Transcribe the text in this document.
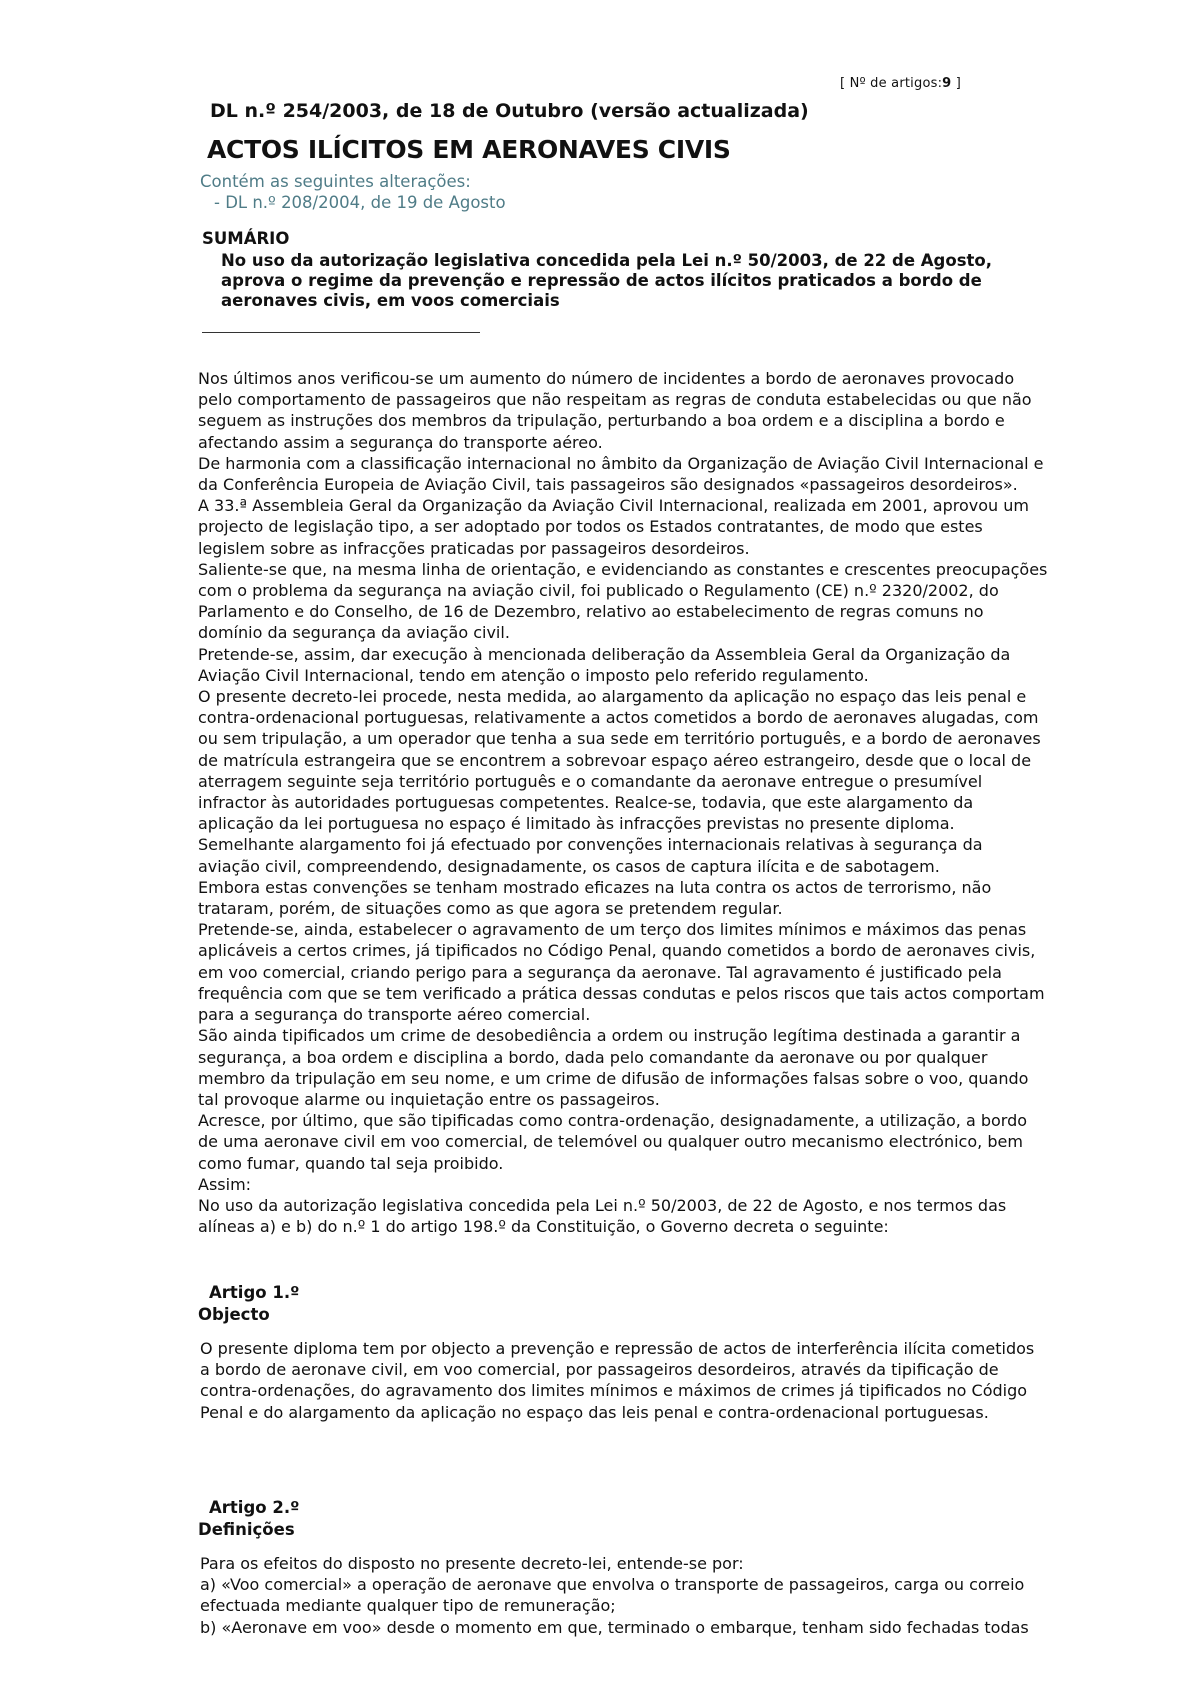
[ Nº de artigos:9 ]
DL n.º 254/2003, de 18 de Outubro (versão actualizada)
ACTOS ILÍCITOS EM AERONAVES CIVIS
Contém as seguintes alterações:
- DL n.º 208/2004, de 19 de Agosto
SUMÁRIO
No uso da autorização legislativa concedida pela Lei n.º 50/2003, de 22 de Agosto, aprova o regime da prevenção e repressão de actos ilícitos praticados a bordo de aeronaves civis, em voos comerciais

Nos últimos anos verificou-se um aumento do número de incidentes a bordo de aeronaves provocado pelo comportamento de passageiros que não respeitam as regras de conduta estabelecidas ou que não seguem as instruções dos membros da tripulação, perturbando a boa ordem e a disciplina a bordo e afectando assim a segurança do transporte aéreo.

De harmonia com a classificação internacional no âmbito da Organização de Aviação Civil Internacional e da Conferência Europeia de Aviação Civil, tais passageiros são designados «passageiros desordeiros».

A 33.ª Assembleia Geral da Organização da Aviação Civil Internacional, realizada em 2001, aprovou um projecto de legislação tipo, a ser adoptado por todos os Estados contratantes, de modo que estes legislem sobre as infracções praticadas por passageiros desordeiros.

Saliente-se que, na mesma linha de orientação, e evidenciando as constantes e crescentes preocupações com o problema da segurança na aviação civil, foi publicado o Regulamento (CE) n.º 2320/2002, do Parlamento e do Conselho, de 16 de Dezembro, relativo ao estabelecimento de regras comuns no domínio da segurança da aviação civil.

Pretende-se, assim, dar execução à mencionada deliberação da Assembleia Geral da Organização da Aviação Civil Internacional, tendo em atenção o imposto pelo referido regulamento.

O presente decreto-lei procede, nesta medida, ao alargamento da aplicação no espaço das leis penal e contra-ordenacional portuguesas, relativamente a actos cometidos a bordo de aeronaves alugadas, com ou sem tripulação, a um operador que tenha a sua sede em território português, e a bordo de aeronaves de matrícula estrangeira que se encontrem a sobrevoar espaço aéreo estrangeiro, desde que o local de aterragem seguinte seja território português e o comandante da aeronave entregue o presumível infractor às autoridades portuguesas competentes. Realce-se, todavia, que este alargamento da aplicação da lei portuguesa no espaço é limitado às infracções previstas no presente diploma.

Semelhante alargamento foi já efectuado por convenções internacionais relativas à segurança da aviação civil, compreendendo, designadamente, os casos de captura ilícita e de sabotagem.

Embora estas convenções se tenham mostrado eficazes na luta contra os actos de terrorismo, não trataram, porém, de situações como as que agora se pretendem regular.

Pretende-se, ainda, estabelecer o agravamento de um terço dos limites mínimos e máximos das penas aplicáveis a certos crimes, já tipificados no Código Penal, quando cometidos a bordo de aeronaves civis, em voo comercial, criando perigo para a segurança da aeronave. Tal agravamento é justificado pela frequência com que se tem verificado a prática dessas condutas e pelos riscos que tais actos comportam para a segurança do transporte aéreo comercial.

São ainda tipificados um crime de desobediência a ordem ou instrução legítima destinada a garantir a segurança, a boa ordem e disciplina a bordo, dada pelo comandante da aeronave ou por qualquer membro da tripulação em seu nome, e um crime de difusão de informações falsas sobre o voo, quando tal provoque alarme ou inquietação entre os passageiros.

Acresce, por último, que são tipificadas como contra-ordenação, designadamente, a utilização, a bordo de uma aeronave civil em voo comercial, de telemóvel ou qualquer outro mecanismo electrónico, bem como fumar, quando tal seja proibido.

Assim:

No uso da autorização legislativa concedida pela Lei n.º 50/2003, de 22 de Agosto, e nos termos das alíneas a) e b) do n.º 1 do artigo 198.º da Constituição, o Governo decreta o seguinte:

Artigo 1.º
Objecto

O presente diploma tem por objecto a prevenção e repressão de actos de interferência ilícita cometidos a bordo de aeronave civil, em voo comercial, por passageiros desordeiros, através da tipificação de contra-ordenações, do agravamento dos limites mínimos e máximos de crimes já tipificados no Código Penal e do alargamento da aplicação no espaço das leis penal e contra-ordenacional portuguesas.

Artigo 2.º
Definições

Para os efeitos do disposto no presente decreto-lei, entende-se por:

a) «Voo comercial» a operação de aeronave que envolva o transporte de passageiros, carga ou correio efectuada mediante qualquer tipo de remuneração;

b) «Aeronave em voo» desde o momento em que, terminado o embarque, tenham sido fechadas todas
